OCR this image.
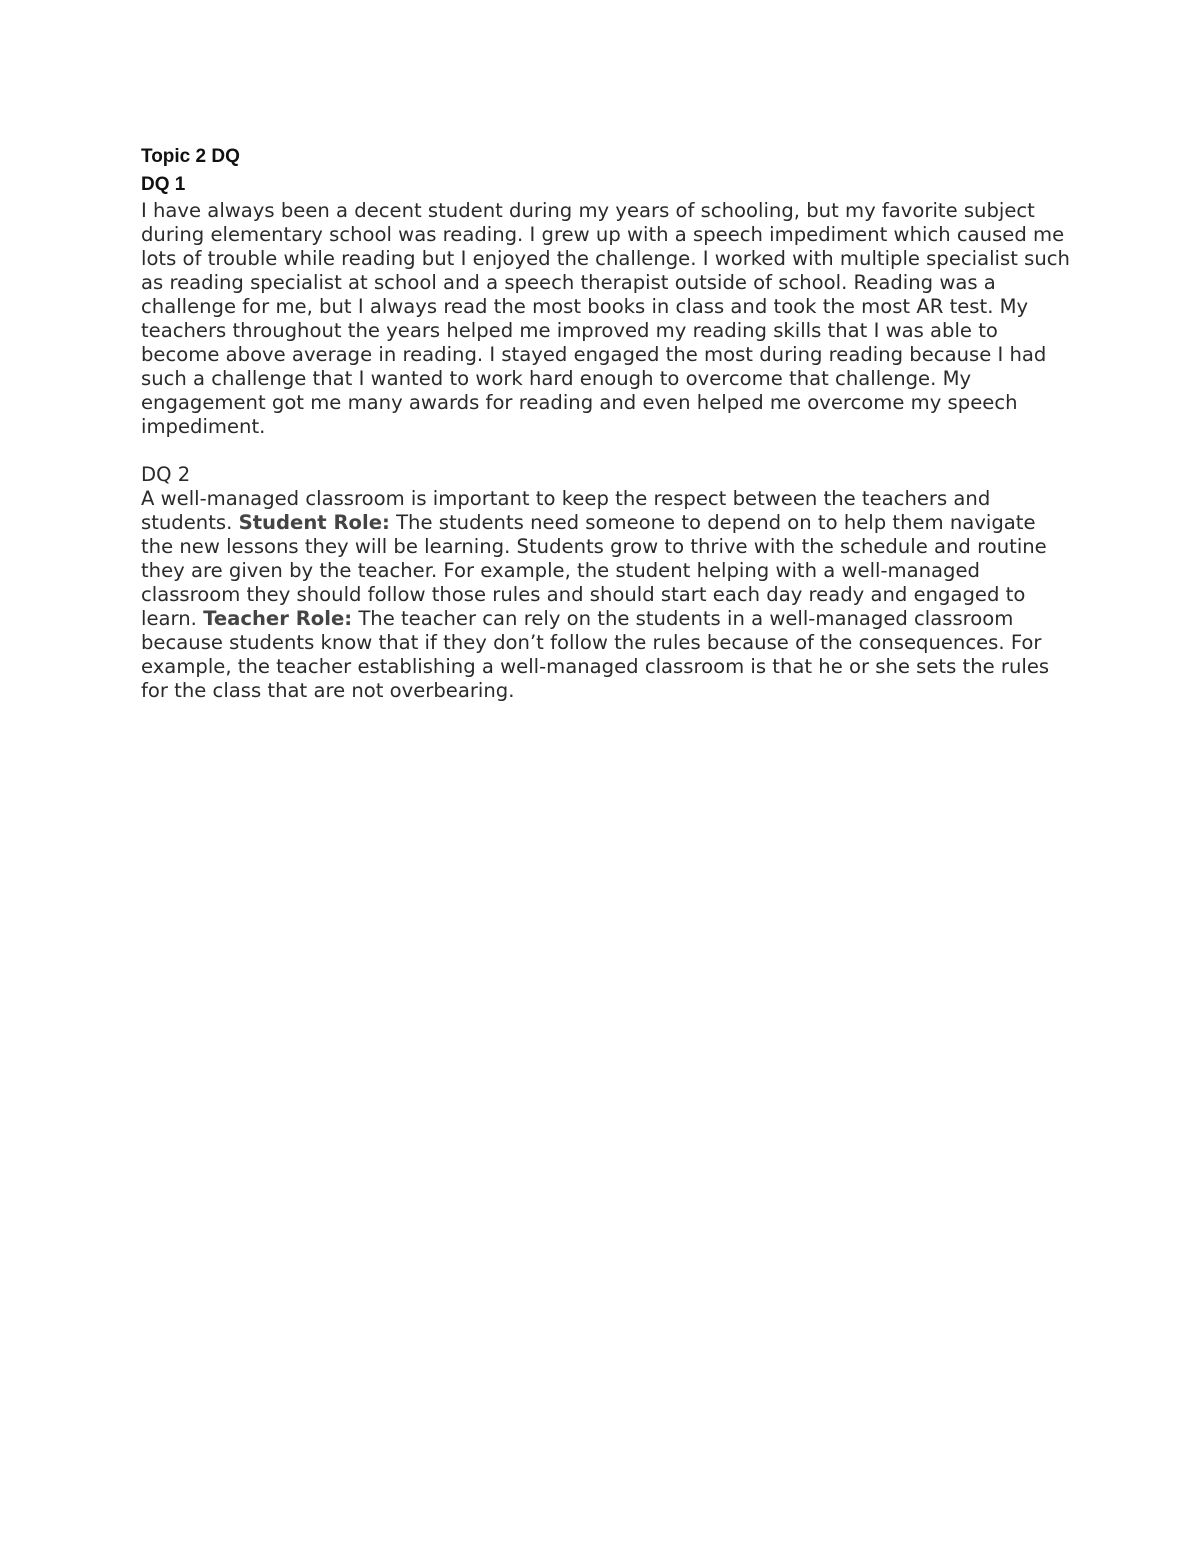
Topic 2 DQ
DQ 1

I have always been a decent student during my years of schooling, but my favorite subject during elementary school was reading. I grew up with a speech impediment which caused me lots of trouble while reading but I enjoyed the challenge. I worked with multiple specialist such as reading specialist at school and a speech therapist outside of school. Reading was a challenge for me, but I always read the most books in class and took the most AR test. My teachers throughout the years helped me improved my reading skills that I was able to become above average in reading. I stayed engaged the most during reading because I had such a challenge that I wanted to work hard enough to overcome that challenge. My engagement got me many awards for reading and even helped me overcome my speech impediment.

DQ 2

A well-managed classroom is important to keep the respect between the teachers and students. Student Role: The students need someone to depend on to help them navigate the new lessons they will be learning. Students grow to thrive with the schedule and routine they are given by the teacher. For example, the student helping with a well-managed classroom they should follow those rules and should start each day ready and engaged to learn. Teacher Role: The teacher can rely on the students in a well-managed classroom because students know that if they don’t follow the rules because of the consequences. For example, the teacher establishing a well-managed classroom is that he or she sets the rules for the class that are not overbearing.
